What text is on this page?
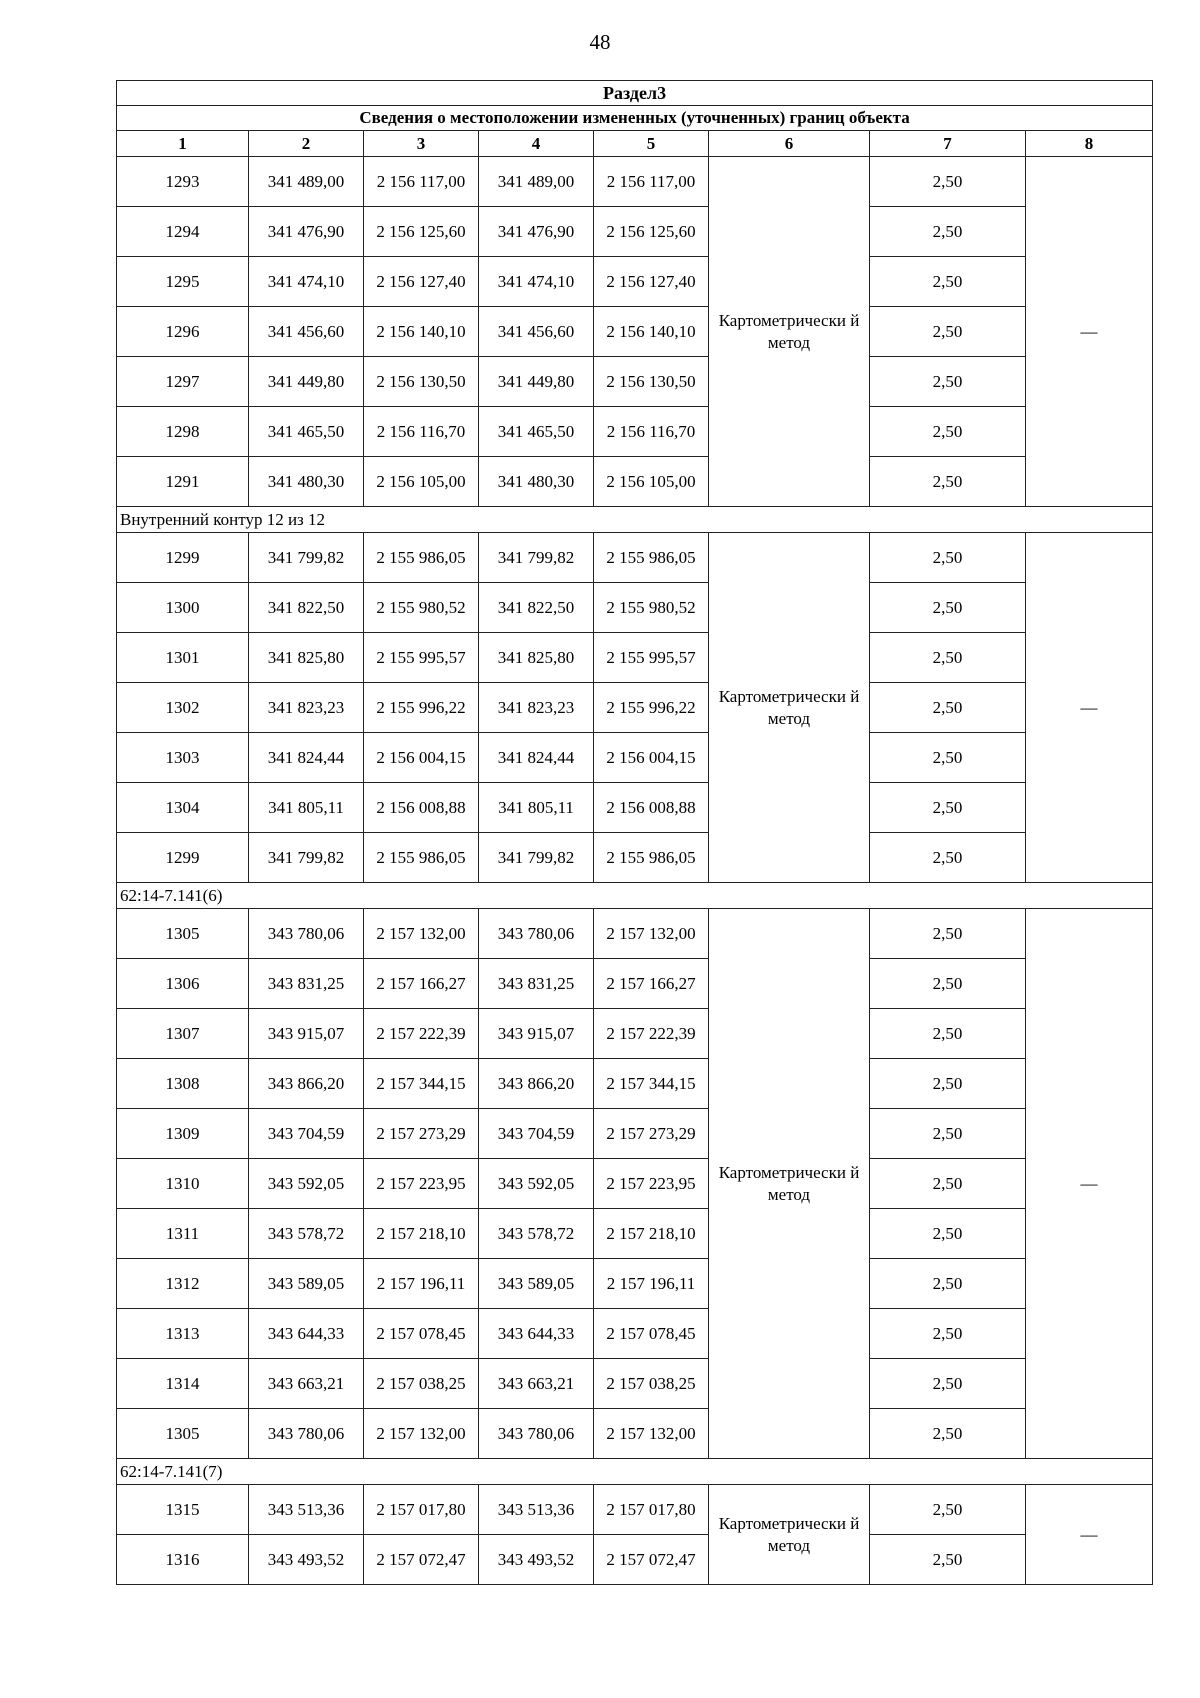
48
Раздел3							
Сведения о местоположении измененных (уточненных) границ объекта							
1	2	3	4	5	6	7	8
1293	341 489,00	2 156 117,00	341 489,00	2 156 117,00	Картометрически й метод	2,50	—
1294	341 476,90	2 156 125,60	341 476,90	2 156 125,60		2,50	
1295	341 474,10	2 156 127,40	341 474,10	2 156 127,40		2,50	
1296	341 456,60	2 156 140,10	341 456,60	2 156 140,10		2,50	
1297	341 449,80	2 156 130,50	341 449,80	2 156 130,50		2,50	
1298	341 465,50	2 156 116,70	341 465,50	2 156 116,70		2,50	
1291	341 480,30	2 156 105,00	341 480,30	2 156 105,00		2,50	
Внутренний контур 12 из 12							
1299	341 799,82	2 155 986,05	341 799,82	2 155 986,05	Картометрически й метод	2,50	—
1300	341 822,50	2 155 980,52	341 822,50	2 155 980,52		2,50	
1301	341 825,80	2 155 995,57	341 825,80	2 155 995,57		2,50	
1302	341 823,23	2 155 996,22	341 823,23	2 155 996,22		2,50	
1303	341 824,44	2 156 004,15	341 824,44	2 156 004,15		2,50	
1304	341 805,11	2 156 008,88	341 805,11	2 156 008,88		2,50	
1299	341 799,82	2 155 986,05	341 799,82	2 155 986,05		2,50	
62:14-7.141(6)							
1305	343 780,06	2 157 132,00	343 780,06	2 157 132,00	Картометрически й метод	2,50	—
1306	343 831,25	2 157 166,27	343 831,25	2 157 166,27		2,50	
1307	343 915,07	2 157 222,39	343 915,07	2 157 222,39		2,50	
1308	343 866,20	2 157 344,15	343 866,20	2 157 344,15		2,50	
1309	343 704,59	2 157 273,29	343 704,59	2 157 273,29		2,50	
1310	343 592,05	2 157 223,95	343 592,05	2 157 223,95		2,50	
1311	343 578,72	2 157 218,10	343 578,72	2 157 218,10		2,50	
1312	343 589,05	2 157 196,11	343 589,05	2 157 196,11		2,50	
1313	343 644,33	2 157 078,45	343 644,33	2 157 078,45		2,50	
1314	343 663,21	2 157 038,25	343 663,21	2 157 038,25		2,50	
1305	343 780,06	2 157 132,00	343 780,06	2 157 132,00		2,50	
62:14-7.141(7)							
1315	343 513,36	2 157 017,80	343 513,36	2 157 017,80	Картометрически й метод	2,50	—
1316	343 493,52	2 157 072,47	343 493,52	2 157 072,47		2,50	
